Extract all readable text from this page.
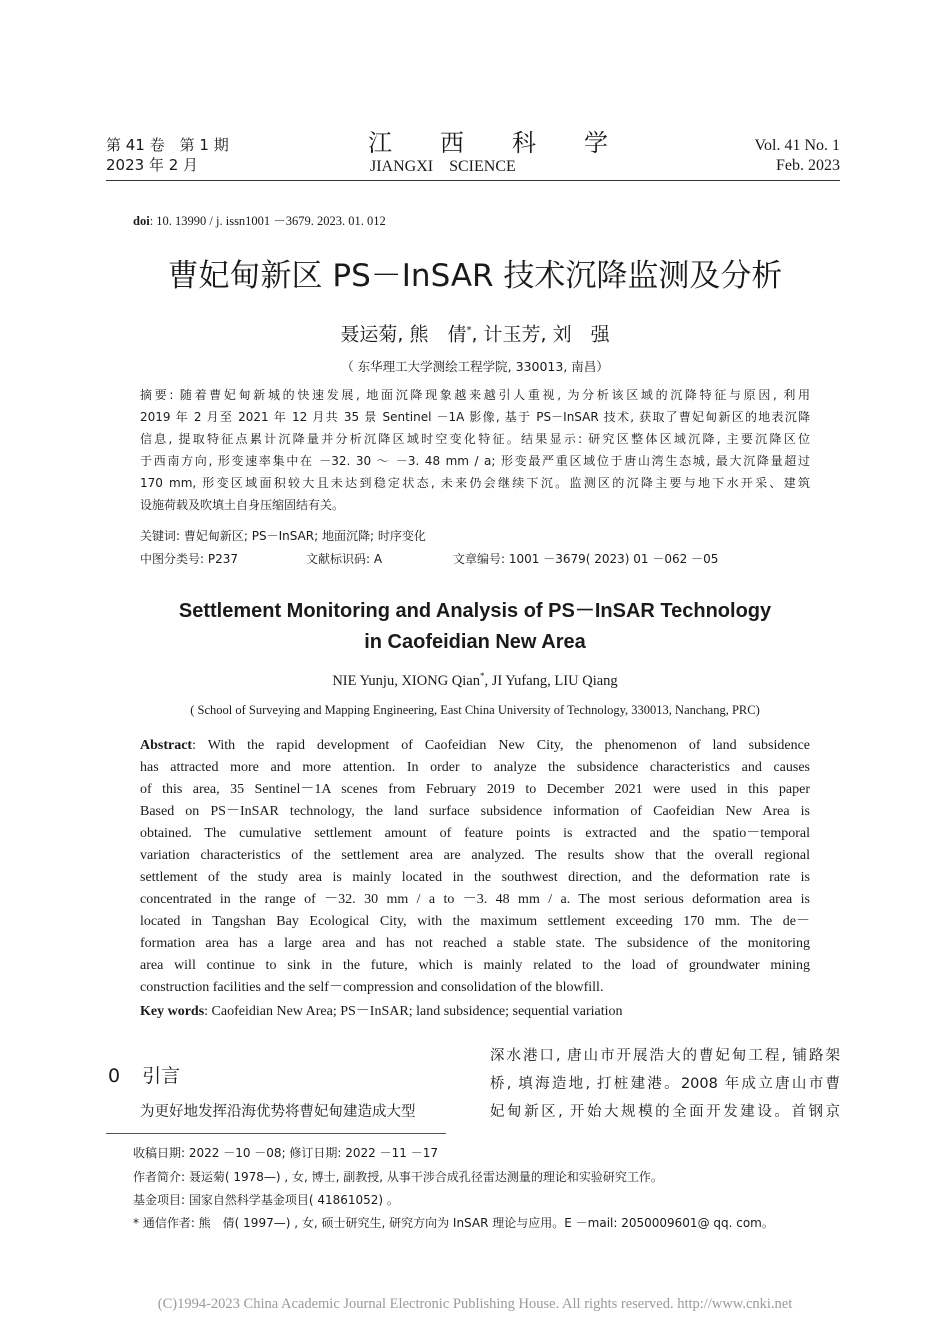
第 41 卷　第 1 期
2023 年 2 月
江　　西　　科　　学
JIANGXI　SCIENCE
Vol. 41 No. 1
Feb. 2023
doi: 10. 13990 / j. issn1001 －3679. 2023. 01. 012
曹妃甸新区 PS－InSAR 技术沉降监测及分析
聂运菊, 熊　倩*, 计玉芳, 刘　强
（ 东华理工大学测绘工程学院, 330013, 南昌）
摘要: 随着曹妃甸新城的快速发展, 地面沉降现象越来越引人重视, 为分析该区域的沉降特征与原因, 利用
2019 年 2 月至 2021 年 12 月共 35 景 Sentinel －1A 影像, 基于 PS－InSAR 技术, 获取了曹妃甸新区的地表沉降
信息, 提取特征点累计沉降量并分析沉降区域时空变化特征。结果显示: 研究区整体区域沉降, 主要沉降区位
于西南方向, 形变速率集中在 －32. 30 ～ －3. 48 mm / a; 形变最严重区域位于唐山湾生态城, 最大沉降量超过
170 mm, 形变区域面积较大且未达到稳定状态, 未来仍会继续下沉。监测区的沉降主要与地下水开采、建筑
设施荷载及吹填土自身压缩固结有关。
关键词: 曹妃甸新区; PS－InSAR; 地面沉降; 时序变化
中图分类号: P237	文献标识码: A	文章编号: 1001 －3679( 2023) 01 －062 －05
Settlement Monitoring and Analysis of PS－InSAR Technology
in Caofeidian New Area
NIE Yunju, XIONG Qian*, JI Yufang, LIU Qiang
( School of Surveying and Mapping Engineering, East China University of Technology, 330013, Nanchang, PRC)
Abstract: With the rapid development of Caofeidian New City, the phenomenon of land subsidence
has attracted more and more attention. In order to analyze the subsidence characteristics and causes
of this area, 35 Sentinel－1A scenes from February 2019 to December 2021 were used in this paper
Based on PS－InSAR technology, the land surface subsidence information of Caofeidian New Area is
obtained. The cumulative settlement amount of feature points is extracted and the spatio－temporal
variation characteristics of the settlement area are analyzed. The results show that the overall regional
settlement of the study area is mainly located in the southwest direction, and the deformation rate is
concentrated in the range of －32. 30 mm / a to －3. 48 mm / a. The most serious deformation area is
located in Tangshan Bay Ecological City, with the maximum settlement exceeding 170 mm. The de－
formation area has a large area and has not reached a stable state. The subsidence of the monitoring
area will continue to sink in the future, which is mainly related to the load of groundwater mining
construction facilities and the self－compression and consolidation of the blowfill.
Key words: Caofeidian New Area; PS－InSAR; land subsidence; sequential variation
0 引言
为更好地发挥沿海优势将曹妃甸建造成大型
深水港口, 唐山市开展浩大的曹妃甸工程, 铺路架
桥, 填海造地, 打桩建港。2008 年成立唐山市曹
妃甸新区, 开始大规模的全面开发建设。首钢京
收稿日期: 2022 －10 －08; 修订日期: 2022 －11 －17
作者简介: 聂运菊( 1978—) , 女, 博士, 副教授, 从事干涉合成孔径雷达测量的理论和实验研究工作。
基金项目: 国家自然科学基金项目( 41861052) 。
* 通信作者: 熊　倩( 1997—) , 女, 硕士研究生, 研究方向为 InSAR 理论与应用。E －mail: 2050009601@ qq. com。
(C)1994-2023 China Academic Journal Electronic Publishing House. All rights reserved. http://www.cnki.net
